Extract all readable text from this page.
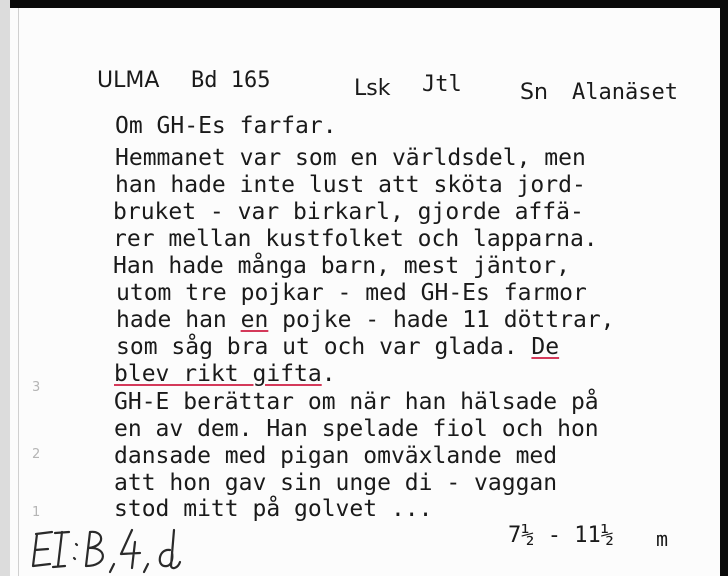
ULMA Bd 165	Lsk Jtl	Sn Alanäset
Om GH-Es farfar.
Hemmanet var som en världsdel, men
han hade inte lust att sköta jord-
bruket - var birkarl, gjorde affä-
rer mellan kustfolket och lapparna.
Han hade många barn, mest jäntor,
utom tre pojkar - med GH-Es farmor
hade han en pojke - hade 11 döttrar,
som såg bra ut och var glada. De
blev rikt gifta.
GH-E berättar om när han hälsade på
en av dem. Han spelade fiol och hon
dansade med pigan omväxlande med
att hon gav sin unge di - vaggan
stod mitt på golvet ...
7½ - 11½ m
3
2
1
